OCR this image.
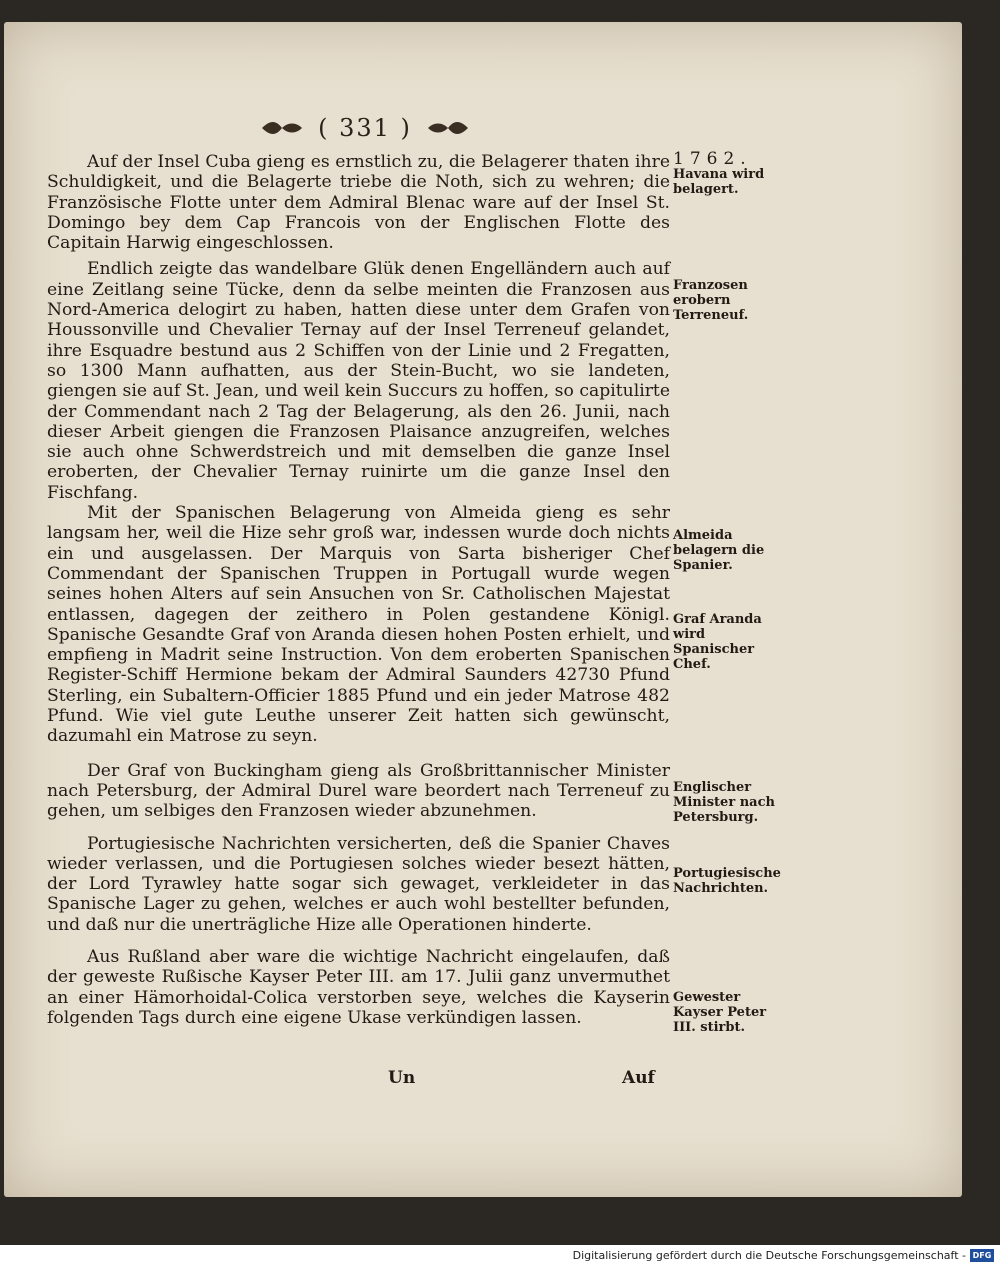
( 331 )

Auf der Insel Cuba gieng es ernstlich zu, die Belagerer thaten ihre Schuldigkeit, und die Belagerte triebe die Noth, sich zu wehren; die Französische Flotte unter dem Admiral Blenac ware auf der Insel St. Domingo bey dem Cap Francois von der Englischen Flotte des Capitain Harwig eingeschlossen.

Endlich zeigte das wandelbare Glük denen Engelländern auch auf eine Zeitlang seine Tücke, denn da selbe meinten die Franzosen aus Nord-America delogirt zu haben, hatten diese unter dem Grafen von Houssonville und Chevalier Ternay auf der Insel Terreneuf gelandet, ihre Esquadre bestund aus 2 Schiffen von der Linie und 2 Fregatten, so 1300 Mann aufhatten, aus der Stein-Bucht, wo sie landeten, giengen sie auf St. Jean, und weil kein Succurs zu hoffen, so capitulirte der Commendant nach 2 Tag der Belagerung, als den 26. Junii, nach dieser Arbeit giengen die Franzosen Plaisance anzugreifen, welches sie auch ohne Schwerdstreich und mit demselben die ganze Insel eroberten, der Chevalier Ternay ruinirte um die ganze Insel den Fischfang.

Mit der Spanischen Belagerung von Almeida gieng es sehr langsam her, weil die Hize sehr groß war, indessen wurde doch nichts ein und ausgelassen. Der Marquis von Sarta bisheriger Chef Commendant der Spanischen Truppen in Portugall wurde wegen seines hohen Alters auf sein Ansuchen von Sr. Catholischen Majestat entlassen, dagegen der zeithero in Polen gestandene Königl. Spanische Gesandte Graf von Aranda diesen hohen Posten erhielt, und empfieng in Madrit seine Instruction. Von dem eroberten Spanischen Register-Schiff Hermione bekam der Admiral Saunders 42730 Pfund Sterling, ein Subaltern-Officier 1885 Pfund und ein jeder Matrose 482 Pfund. Wie viel gute Leuthe unserer Zeit hatten sich gewünscht, dazumahl ein Matrose zu seyn.

Der Graf von Buckingham gieng als Großbrittannischer Minister nach Petersburg, der Admiral Durel ware beordert nach Terreneuf zu gehen, um selbiges den Franzosen wieder abzunehmen.

Portugiesische Nachrichten versicherten, deß die Spanier Chaves wieder verlassen, und die Portugiesen solches wieder besezt hätten, der Lord Tyrawley hatte sogar sich gewaget, verkleideter in das Spanische Lager zu gehen, welches er auch wohl bestellter befunden, und daß nur die unerträgliche Hize alle Operationen hinderte.

Aus Rußland aber ware die wichtige Nachricht eingelaufen, daß der geweste Rußische Kayser Peter III. am 17. Julii ganz unvermuthet an einer Hämorhoidal-Colica verstorben seye, welches die Kayserin folgenden Tags durch eine eigene Ukase verkündigen lassen.

1762.
Havana wird belagert.
Franzosen erobern Terreneuf.
Almeida belagern die Spanier.
Graf Aranda wird Spanischer Chef.
Englischer Minister nach Petersburg.
Portugiesische Nachrichten.
Gewester Kayser Peter III. stirbt.
Un	Auf
Digitalisierung gefördert durch die Deutsche Forschungsgemeinschaft - DFG
